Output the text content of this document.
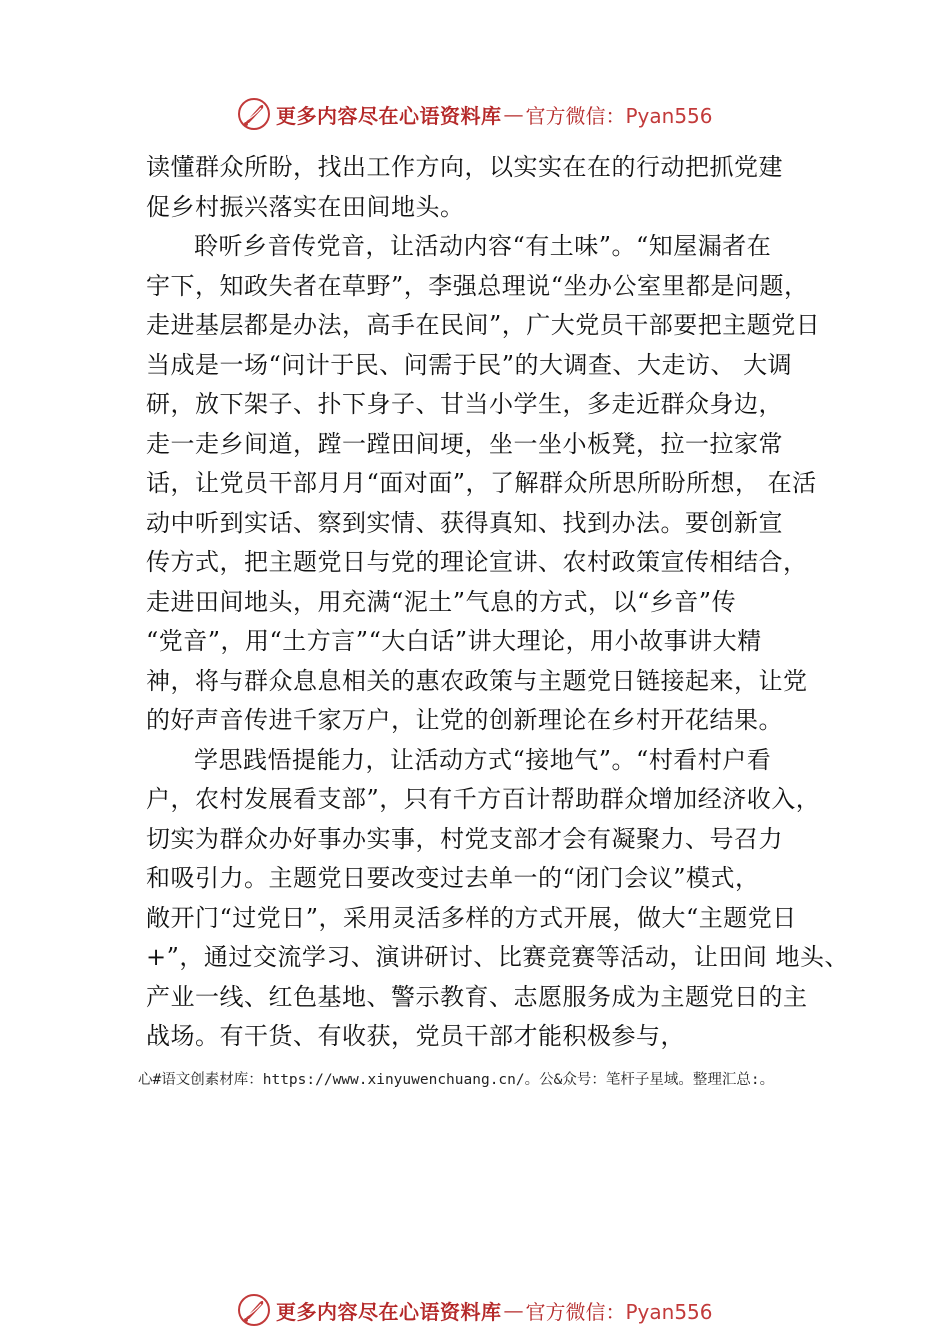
更多内容尽在心语资料库 — 官方微信：Pyan556
读懂群众所盼，找出工作方向，以实实在在的行动把抓党建
促乡村振兴落实在田间地头。
聆听乡音传党音，让活动内容“有土味”。“知屋漏者在
宇下，知政失者在草野”，李强总理说“坐办公室里都是问题，
走进基层都是办法，高手在民间”，广大党员干部要把主题党日
当成是一场“问计于民、问需于民”的大调查、大走访、 大调
研，放下架子、扑下身子、甘当小学生，多走近群众身边，
走一走乡间道，蹚一蹚田间埂，坐一坐小板凳，拉一拉家常
话，让党员干部月月“面对面”，了解群众所思所盼所想， 在活
动中听到实话、察到实情、获得真知、找到办法。要创新宣
传方式，把主题党日与党的理论宣讲、农村政策宣传相结合，
走进田间地头，用充满“泥土”气息的方式，以“乡音”传
“党音”，用“土方言”“大白话”讲大理论，用小故事讲大精
神，将与群众息息相关的惠农政策与主题党日链接起来，让党
的好声音传进千家万户，让党的创新理论在乡村开花结果。
学思践悟提能力，让活动方式“接地气”。“村看村户看
户，农村发展看支部”，只有千方百计帮助群众增加经济收入，
切实为群众办好事办实事，村党支部才会有凝聚力、号召力
和吸引力。主题党日要改变过去单一的“闭门会议”模式，
敞开门“过党日”，采用灵活多样的方式开展，做大“主题党日
+”，通过交流学习、演讲研讨、比赛竞赛等活动，让田间 地头、
产业一线、红色基地、警示教育、志愿服务成为主题党日的主
战场。有干货、有收获，党员干部才能积极参与，
心#语文创素材库：https://www.xinyuwenchuang.cn/。公&众号：笔杆子星域。整理汇总:。
更多内容尽在心语资料库 — 官方微信：Pyan556
